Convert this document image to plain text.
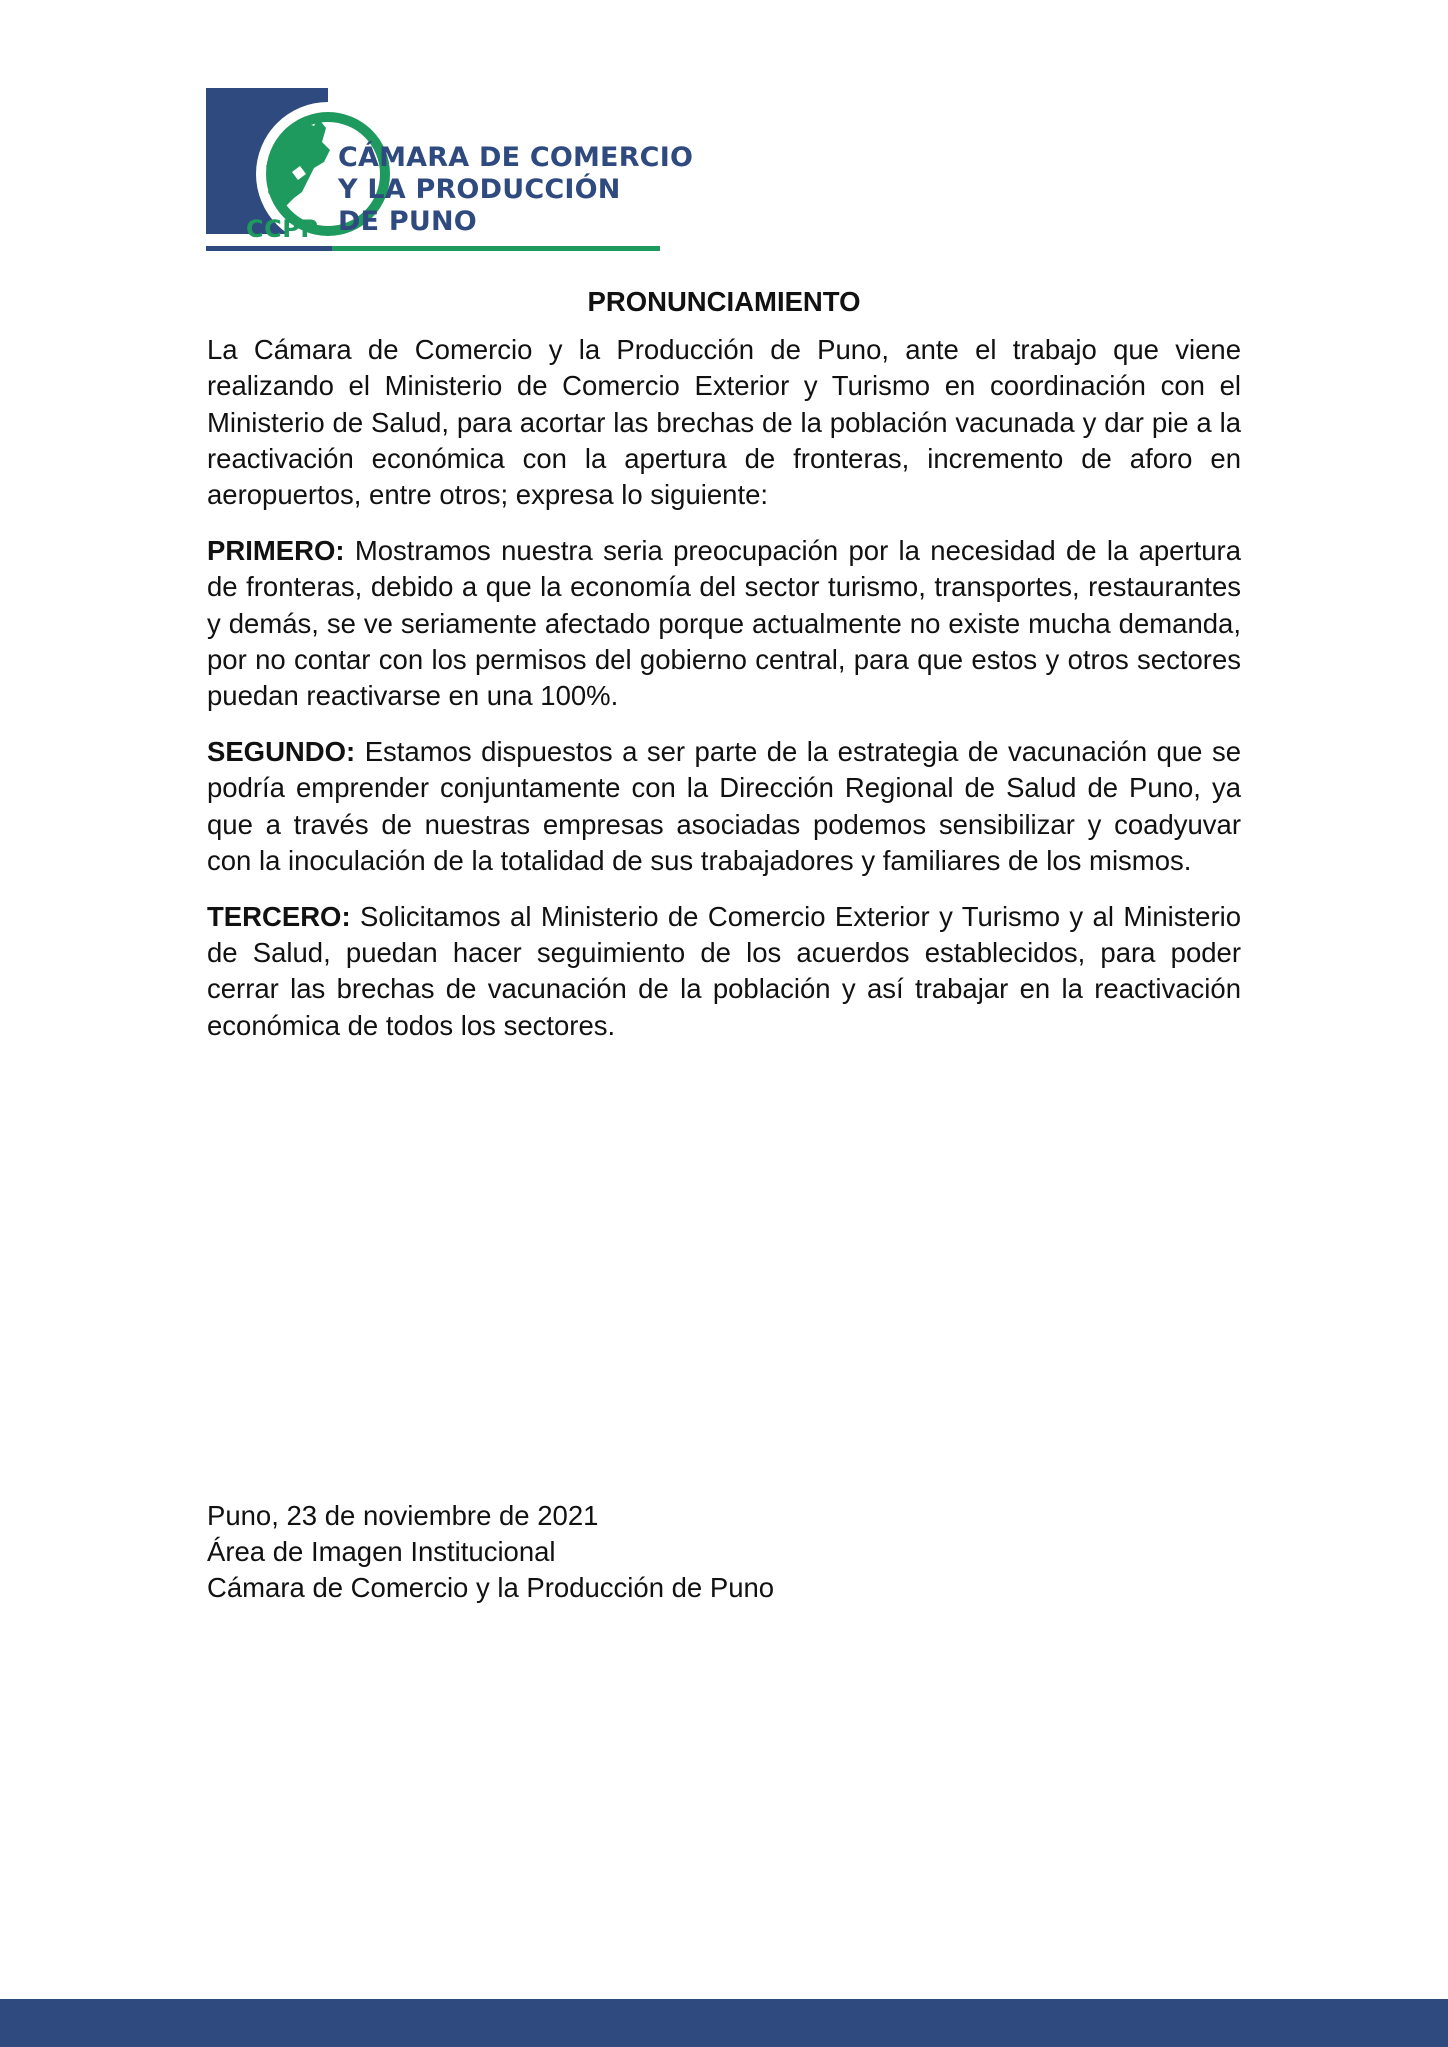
CÁMARA DE COMERCIO
Y LA PRODUCCIÓN
DE PUNO
CCPP
PRONUNCIAMIENTO

La Cámara de Comercio y la Producción de Puno, ante el trabajo que viene realizando el Ministerio de Comercio Exterior y Turismo en coordinación con el Ministerio de Salud, para acortar las brechas de la población vacunada y dar pie a la reactivación económica con la apertura de fronteras, incremento de aforo en aeropuertos, entre otros; expresa lo siguiente:

PRIMERO: Mostramos nuestra seria preocupación por la necesidad de la apertura de fronteras, debido a que la economía del sector turismo, transportes, restaurantes y demás, se ve seriamente afectado porque actualmente no existe mucha demanda, por no contar con los permisos del gobierno central, para que estos y otros sectores puedan reactivarse en una 100%.

SEGUNDO: Estamos dispuestos a ser parte de la estrategia de vacunación que se podría emprender conjuntamente con la Dirección Regional de Salud de Puno, ya que a través de nuestras empresas asociadas podemos sensibilizar y coadyuvar con la inoculación de la totalidad de sus trabajadores y familiares de los mismos.

TERCERO: Solicitamos al Ministerio de Comercio Exterior y Turismo y al Ministerio de Salud, puedan hacer seguimiento de los acuerdos establecidos, para poder cerrar las brechas de vacunación de la población y así trabajar en la reactivación económica de todos los sectores.

Puno, 23 de noviembre de 2021
Área de Imagen Institucional
Cámara de Comercio y la Producción de Puno
